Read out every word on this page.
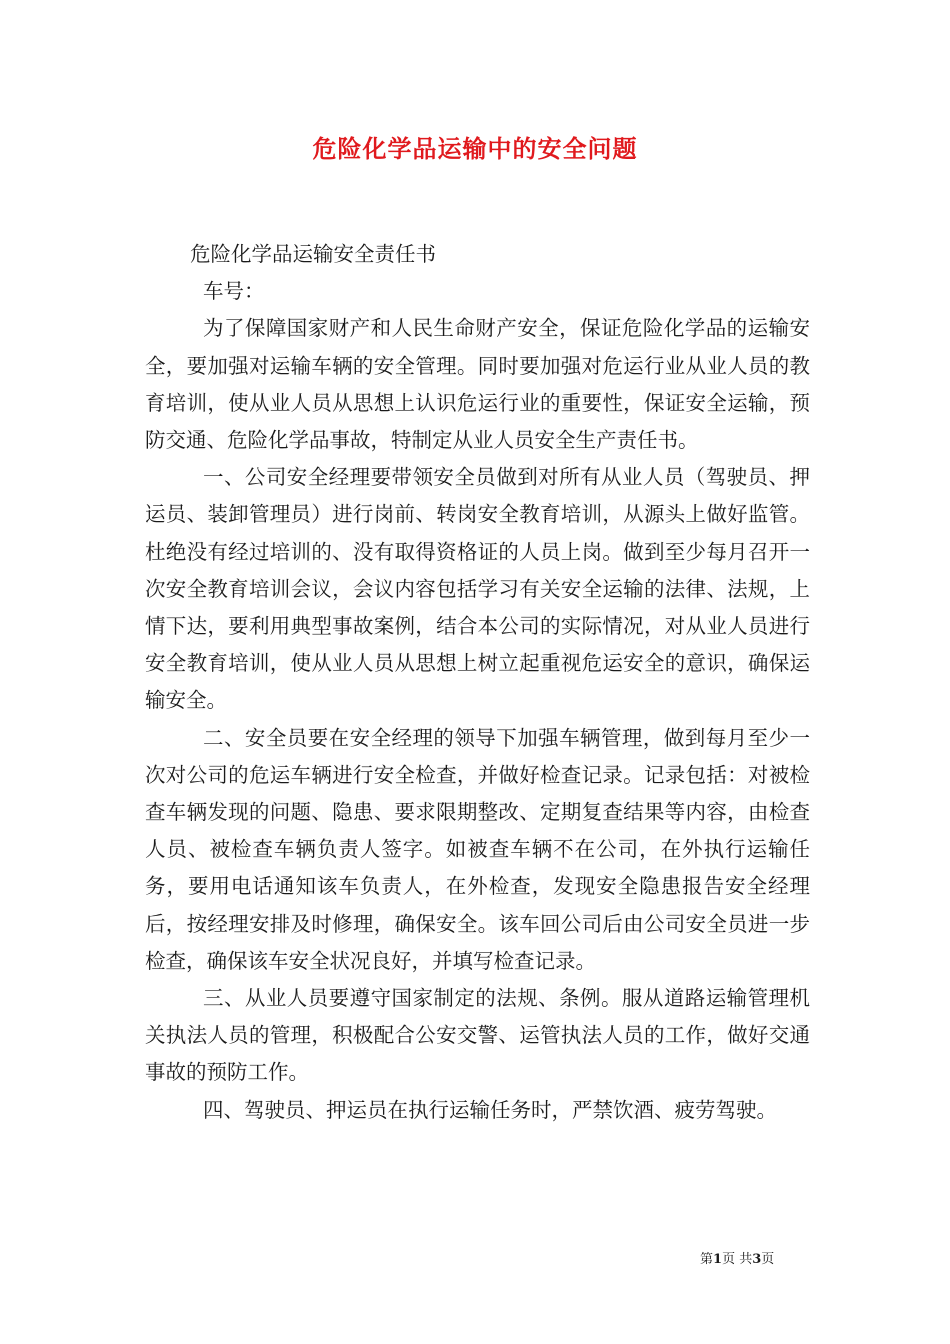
危险化学品运输中的安全问题

危险化学品运输安全责任书

车号：

为了保障国家财产和人民生命财产安全，保证危险化学品的运输安全，要加强对运输车辆的安全管理。同时要加强对危运行业从业人员的教育培训，使从业人员从思想上认识危运行业的重要性，保证安全运输，预防交通、危险化学品事故，特制定从业人员安全生产责任书。

一、公司安全经理要带领安全员做到对所有从业人员（驾驶员、押运员、装卸管理员）进行岗前、转岗安全教育培训，从源头上做好监管。杜绝没有经过培训的、没有取得资格证的人员上岗。做到至少每月召开一次安全教育培训会议，会议内容包括学习有关安全运输的法律、法规，上情下达，要利用典型事故案例，结合本公司的实际情况，对从业人员进行安全教育培训，使从业人员从思想上树立起重视危运安全的意识，确保运输安全。

二、安全员要在安全经理的领导下加强车辆管理，做到每月至少一次对公司的危运车辆进行安全检查，并做好检查记录。记录包括：对被检查车辆发现的问题、隐患、要求限期整改、定期复查结果等内容，由检查人员、被检查车辆负责人签字。如被查车辆不在公司，在外执行运输任务，要用电话通知该车负责人，在外检查，发现安全隐患报告安全经理后，按经理安排及时修理，确保安全。该车回公司后由公司安全员进一步检查，确保该车安全状况良好，并填写检查记录。

三、从业人员要遵守国家制定的法规、条例。服从道路运输管理机关执法人员的管理，积极配合公安交警、运管执法人员的工作，做好交通事故的预防工作。

四、驾驶员、押运员在执行运输任务时，严禁饮酒、疲劳驾驶。

第1页 共3页
